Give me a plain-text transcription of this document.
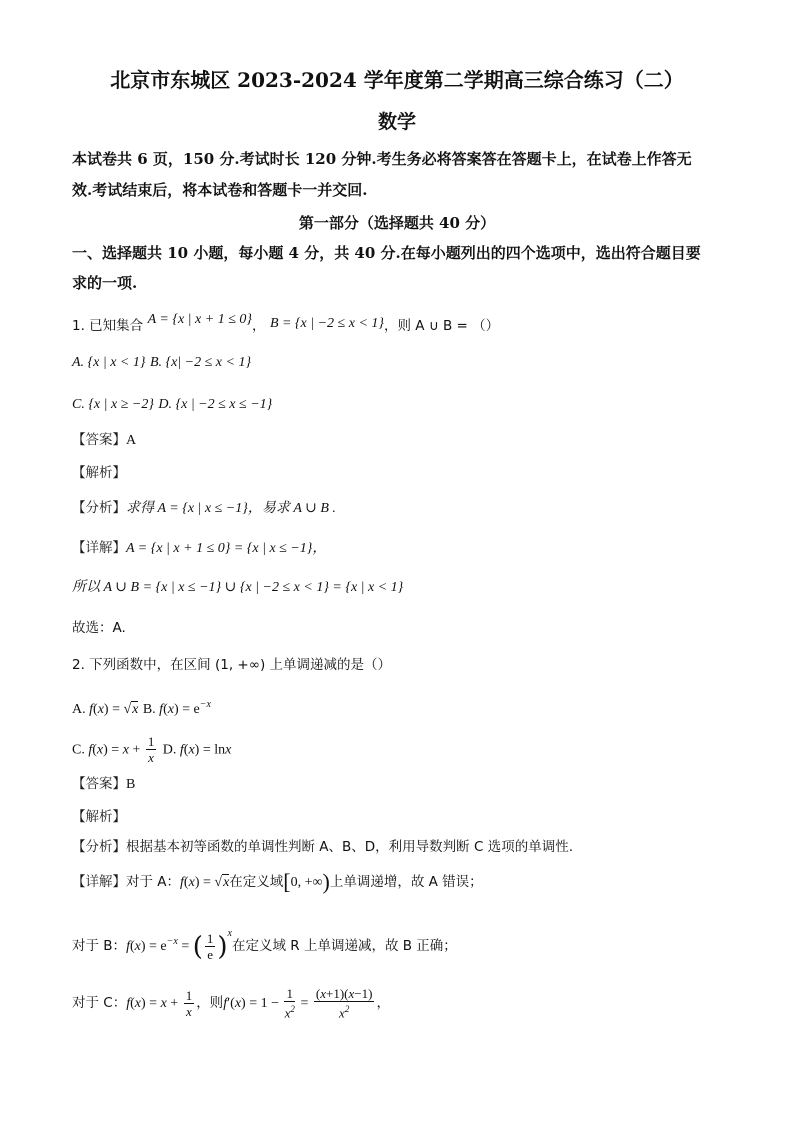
北京市东城区 2023-2024 学年度第二学期高三综合练习（二）
数学
本试卷共 6 页，150 分.考试时长 120 分钟.考生务必将答案答在答题卡上，在试卷上作答无
效.考试结束后，将本试卷和答题卡一并交回.
第一部分（选择题共 40 分）
一、选择题共 10 小题，每小题 4 分，共 40 分.在每小题列出的四个选项中，选出符合题目要
求的一项.
1. 已知集合 A = {x | x + 1 ≤ 0}， B = {x | −2 ≤ x < 1}，则 A ∪ B = （）
A. {x | x < 1} B. {x| −2 ≤ x < 1}
C. {x | x ≥ −2} D. {x | −2 ≤ x ≤ −1}
【答案】A
【解析】
【分析】求得 A = {x | x ≤ −1}，易求 A ∪ B .
【详解】A = {x | x + 1 ≤ 0} = {x | x ≤ −1}，
所以 A ∪ B = {x | x ≤ −1} ∪ {x | −2 ≤ x < 1} = {x | x < 1}
故选：A.
2. 下列函数中，在区间 (1, +∞) 上单调递减的是（）
A. f(x) = √x B. $f(x) = e^{-x}$
C. $f(x) = x + \frac{1}{x} D$. f(x) = lnx
【答案】B
【解析】
【分析】根据基本初等函数的单调性判断 A、B、D，利用导数判断 C 选项的单调性.
【详解】对于 A：f(x) = √x在定义域[0, +∞)上单调递增，故 A 错误；
对于 B：$f(x) = e^{-x}$ = ( $\frac{1}{e} )^x$在定义域 R 上单调递减，故 B 正确；
对于 C：$f(x) = x + \frac{1}{x}$ ，则$f'(x) = 1 - \frac{1}{x^2} = \frac{(x+1)(x-1)}{x^2}$ ，
